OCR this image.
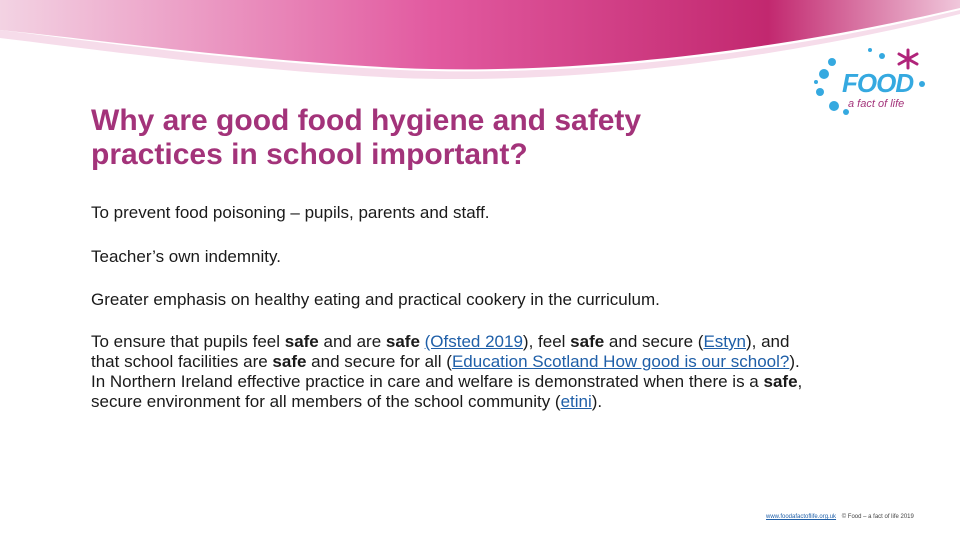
FOOD
a fact of life
Why are good food hygiene and safety
practices in school important?

To prevent food poisoning – pupils, parents and staff.

Teacher’s own indemnity.

Greater emphasis on healthy eating and practical cookery in the curriculum.

To ensure that pupils feel safe and are safe (Ofsted 2019), feel safe and secure (Estyn), and that school facilities are safe and secure for all (Education Scotland How good is our school?). In Northern Ireland effective practice in care and welfare is demonstrated when there is a safe, secure environment for all members of the school community (etini).

www.foodafactoflife.org.uk © Food – a fact of life 2019
